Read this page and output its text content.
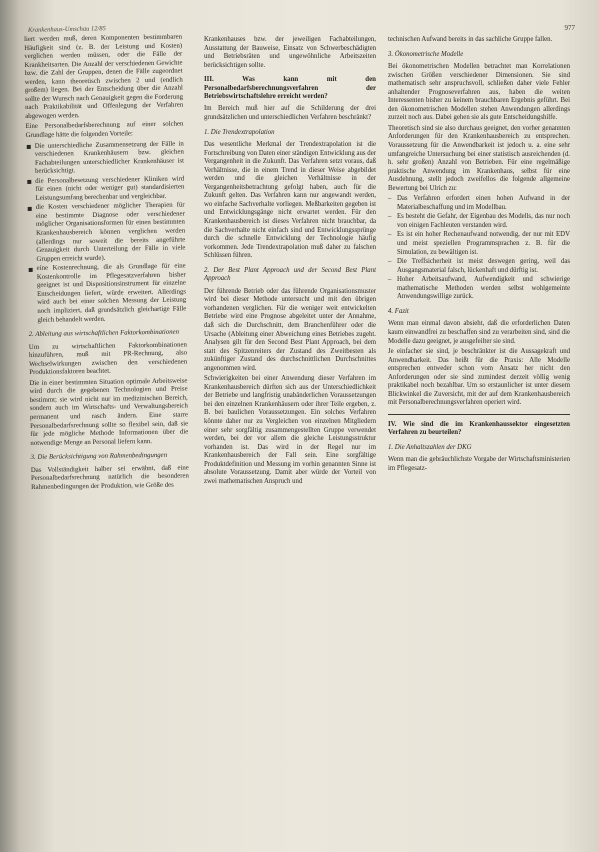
Krankenhaus-Umschau 12/85	977

liert werden muß, deren Komponenten bestimmbaren Häufigkeit sind (z. B. der Leistung und Kosten) verglichen werden müssen, oder die Fälle der Krankheitsarten. Die Anzahl der verschiedenen Gewichte bzw. die Zahl der Gruppen, denen die Fälle zugeordnet werden, kann theoretisch zwischen 2 und (endlich großem) liegen. Bei der Entscheidung über die Anzahl sollte der Wunsch nach Genauigkeit gegen die Forderung nach Praktikabilität und Offenlegung der Verfahren abgewogen werden.

Eine Personalbedarfsberechnung auf einer solchen Grundlage hätte die folgenden Vorteile:

Die unterschiedliche Zusammensetzung der Fälle in verschiedenen Krankenhäusern bzw. gleichen Fachabteilungen unterschiedlicher Krankenhäuser ist berücksichtigt.
die Personalbesetzung verschiedener Kliniken wird für einen (nicht oder weniger gut) standardisierten Leistungsumfang berechenbar und vergleichbar.
die Kosten verschiedener möglicher Therapien für eine bestimmte Diagnose oder verschiedener möglicher Organisationsformen für einen bestimmten Krankenhausbereich können verglichen werden (allerdings nur soweit die bereits angeführte Genauigkeit durch Unterteilung der Fälle in viele Gruppen erreicht wurde).
eine Kostenrechnung, die als Grundlage für eine Kostenkontrolle im Pflegesatzverfahren bisher geeignet ist und Dispositionsinstrument für einzelne Entscheidungen liefert, würde erweitert. Allerdings wird auch bei einer solchen Messung der Leistung noch impliziert, daß grundsätzlich gleichartige Fälle gleich behandelt werden.
2. Ableitung aus wirtschaftlichen Faktorkombinationen

Um zu wirtschaftlichen Faktorkombinationen hinzuführen, muß mit PR-Rechnung, also Wechselwirkungen zwischen den verschiedenen Produktionsfaktoren beachtet.

Die in einer bestimmten Situation optimale Arbeitsweise wird durch die gegebenen Technologien und Preise bestimmt; sie wird nicht nur im medizinischen Bereich, sondern auch im Wirtschafts- und Verwaltungsbereich permanent und rasch ändern. Eine starre Personalbedarfsrechnung sollte so flexibel sein, daß sie für jede mögliche Methode Informationen über die notwendige Menge an Personal liefern kann.

3. Die Berücksichtigung von Rahmenbedingungen

Das Vollständigkeit halber sei erwähnt, daß eine Personalbedarfsrechnung natürlich die besonderen Rahmenbedingungen der Produktion, wie Größe des

Krankenhauses bzw. der jeweiligen Fachabteilungen, Ausstattung der Bauweise, Einsatz von Schwerbeschädigten und Betriebsräten und ungewöhnliche Arbeitszeiten berücksichtigen sollte.

III. Was kann mit den Personalbedarfsberechnungsverfahren der Betriebswirtschaftslehre erreicht werden?

Im Bereich muß hier auf die Schilderung der drei grundsätzlichen und unterschiedlichen Verfahren beschränkt?

1. Die Trendextrapolation

Das wesentliche Merkmal der Trendextrapolation ist die Fortschreibung von Daten einer ständigen Entwicklung aus der Vergangenheit in die Zukunft. Das Verfahren setzt voraus, daß Verhältnisse, die in einem Trend in dieser Weise abgebildet werden und die gleichen Verhältnisse in der Vergangenheitsbetrachtung gefolgt haben, auch für die Zukunft gelten. Das Verfahren kann nur angewandt werden, wo einfache Sachverhalte vorliegen. Meßbarkeiten gegeben ist und Entwicklungsgänge nicht erwartet werden. Für den Krankenhausbereich ist dieses Verfahren nicht brauchbar, da die Sachverhalte nicht einfach sind und Entwicklungssprünge durch die schnelle Entwicklung der Technologie häufig vorkommen. Jede Trendextrapolation muß daher zu falschen Schlüssen führen.

2. Der Best Plant Approach und der Second Best Plant Approach

Der führende Betrieb oder das führende Organisationsmuster wird bei dieser Methode untersucht und mit den übrigen vorhandenen verglichen. Für die weniger weit entwickelten Betriebe wird eine Prognose abgeleitet unter der Annahme, daß sich die Durchschnitt, dem Branchenführer oder die Ursache (Ableitung einer Abweichung eines Betriebes zugeht. Analysen gilt für den Second Best Plant Approach, bei dem statt des Spitzenreiters der Zustand des Zweitbesten als zukünftiger Zustand des durchschnittlichen Durchschnittes angenommen wird.

Schwierigkeiten bei einer Anwendung dieser Verfahren im Krankenhausbereich dürften sich aus der Unterschiedlichkeit der Betriebe und langfristig unabänderlichen Voraussetzungen bei den einzelnen Krankenhäusern oder ihrer Teile ergeben, z. B. bei baulichen Voraussetzungen. Ein solches Verfahren könnte daher nur zu Vergleichen von einzelnen Mitgliedern einer sehr sorgfältig zusammengestellten Gruppe verwendet werden, bei der vor allem die gleiche Leistungsstruktur vorhanden ist. Das wird in der Regel nur im Krankenhausbereich der Fall sein. Eine sorgfältige Produktdefinition und Messung im vorhin genannten Sinne ist absolute Voraussetzung. Damit aber würde der Vorteil von zwei mathematischen Anspruch und

technischen Aufwand bereits in das sachliche Gruppe fallen.

3. Ökonometrische Modelle

Bei ökonometrischen Modellen betrachtet man Korrelationen zwischen Größen verschiedener Dimensionen. Sie sind mathematisch sehr anspruchsvoll, schließen daher viele Fehler anhaltender Prognoseverfahren aus, haben die weiten Interessenten bisher zu keinem brauchbaren Ergebnis geführt. Bei den ökonometrischen Modellen stehen Anwendungen allerdings zurzeit noch aus. Dabei gehen sie als gute Entscheidungshilfe.

Theoretisch sind sie also durchaus geeignet, den vorher genannten Anforderungen für den Krankenhausbereich zu entsprechen. Voraussetzung für die Anwendbarkeit ist jedoch u. a. eine sehr umfangreiche Untersuchung bei einer statistisch ausreichenden (d. h. sehr großen) Anzahl von Betrieben. Für eine regelmäßige praktische Anwendung im Krankenhaus, selbst für eine Ausdehnung, stellt jedoch zweifellos die folgende allgemeine Bewertung bei Ulrich zu:

– Das Verfahren erfordert einen hohen Aufwand in der Materialbeschaffung und im Modellbau.
– Es besteht die Gefahr, der Eigenbau des Modells, das nur noch von einigen Fachleuten verstanden wird.
– Es ist ein hoher Rechenaufwand notwendig, der nur mit EDV und meist speziellen Programmsprachen z. B. für die Simulation, zu bewältigen ist.
– Die Treffsicherheit ist meist deswegen gering, weil das Ausgangsmaterial falsch, lückenhaft und dürftig ist.
– Hoher Arbeitsaufwand, Aufwendigkeit und schwierige mathematische Methoden werden selbst wohlgemeinte Anwendungswillige zurück.
4. Fazit

Wenn man einmal davon absieht, daß die erforderlichen Daten kaum einwandfrei zu beschaffen sind zu verarbeiten sind, sind die Modelle dazu geeignet, je ausgefeilter sie sind.

Je einfacher sie sind, je beschränkter ist die Aussagekraft und Anwendbarkeit. Das heißt für die Praxis: Alle Modelle entsprechen entweder schon vom Ansatz her nicht den Anforderungen oder sie sind zumindest derzeit völlig wenig praktikabel noch bezahlbar. Um so erstaunlicher ist unter diesem Blickwinkel die Zuversicht, mit der auf dem Krankenhausbereich mit Personalberechnungsverfahren operiert wird.

IV. Wie sind die im Krankenhaussektor eingesetzten Verfahren zu beurteilen?
1. Die Anhaltszahlen der DKG

Wenn man die gebräuchlichste Vorgabe der Wirtschaftsministerien im Pflegesatz-
